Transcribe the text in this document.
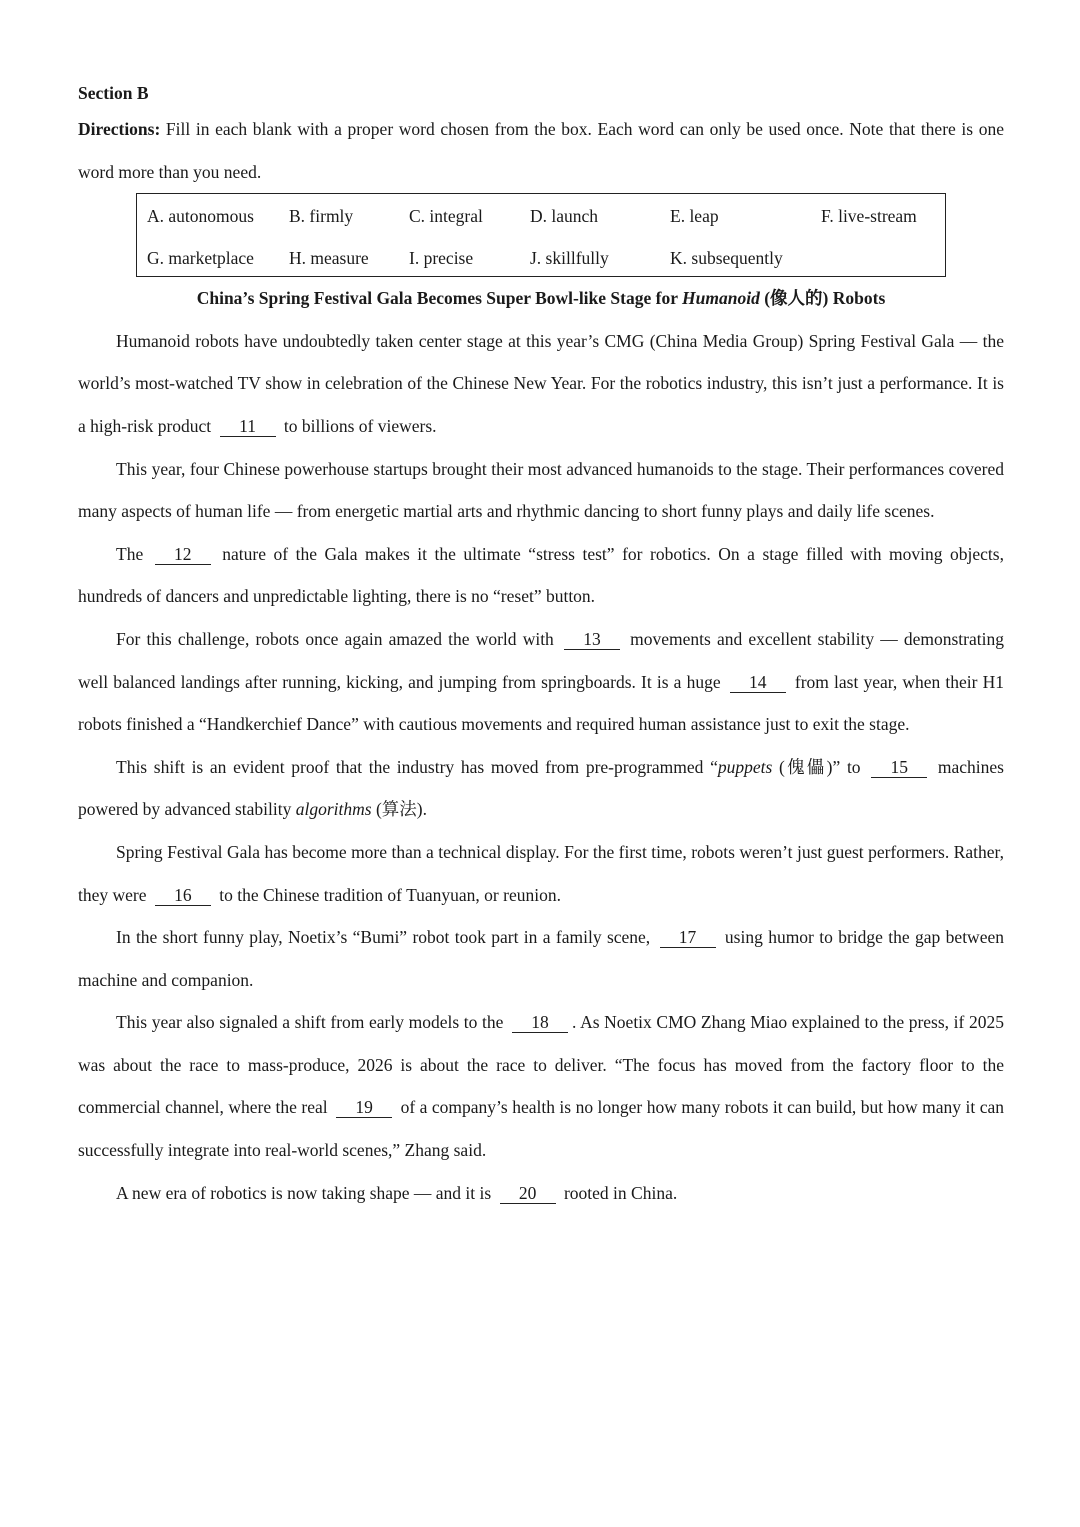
Section B

Directions: Fill in each blank with a proper word chosen from the box. Each word can only be used once. Note that there is one word more than you need.

A. autonomous B. firmly	C. integral	D. launch	E. leap	F. live-stream
G. marketplace H. measure I. precise	J. skillfully	K. subsequently

China’s Spring Festival Gala Becomes Super Bowl-like Stage for Humanoid (像人的) Robots

Humanoid robots have undoubtedly taken center stage at this year’s CMG (China Media Group) Spring Festival Gala — the world’s most-watched TV show in celebration of the Chinese New Year. For the robotics industry, this isn’t just a performance. It is a high-risk product 11 to billions of viewers.

This year, four Chinese powerhouse startups brought their most advanced humanoids to the stage. Their performances covered many aspects of human life — from energetic martial arts and rhythmic dancing to short funny plays and daily life scenes.

The 12 nature of the Gala makes it the ultimate “stress test” for robotics. On a stage filled with moving objects, hundreds of dancers and unpredictable lighting, there is no “reset” button.

For this challenge, robots once again amazed the world with 13 movements and excellent stability — demonstrating well balanced landings after running, kicking, and jumping from springboards. It is a huge 14 from last year, when their H1 robots finished a “Handkerchief Dance” with cautious movements and required human assistance just to exit the stage.

This shift is an evident proof that the industry has moved from pre-programmed “puppets (傀儡)” to 15 machines powered by advanced stability algorithms (算法).

Spring Festival Gala has become more than a technical display. For the first time, robots weren’t just guest performers. Rather, they were 16 to the Chinese tradition of Tuanyuan, or reunion.

In the short funny play, Noetix’s “Bumi” robot took part in a family scene, 17 using humor to bridge the gap between machine and companion.

This year also signaled a shift from early models to the 18 . As Noetix CMO Zhang Miao explained to the press, if 2025 was about the race to mass-produce, 2026 is about the race to deliver. “The focus has moved from the factory floor to the commercial channel, where the real 19 of a company’s health is no longer how many robots it can build, but how many it can successfully integrate into real-world scenes,” Zhang said.

A new era of robotics is now taking shape — and it is 20 rooted in China.
